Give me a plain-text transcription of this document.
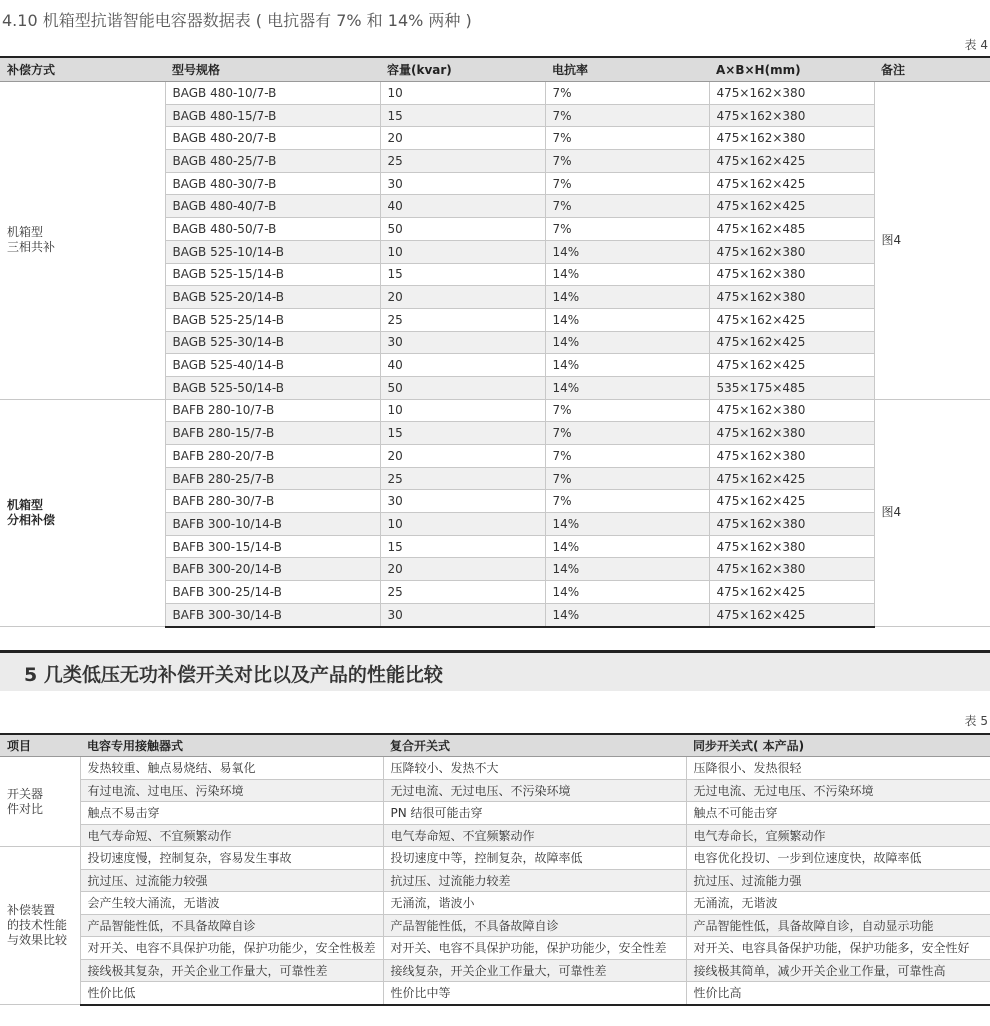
4.10 机箱型抗谐智能电容器数据表 ( 电抗器有 7% 和 14% 两种 )
表 4
补偿方式	型号规格	容量(kvar)	电抗率	A×B×H(mm)	备注
机箱型
三相共补	BAGB 480-10/7-B	10	7%	475×162×380	图4
	BAGB 480-15/7-B	15	7%	475×162×380	
	BAGB 480-20/7-B	20	7%	475×162×380	
	BAGB 480-25/7-B	25	7%	475×162×425	
	BAGB 480-30/7-B	30	7%	475×162×425	
	BAGB 480-40/7-B	40	7%	475×162×425	
	BAGB 480-50/7-B	50	7%	475×162×485	
	BAGB 525-10/14-B	10	14%	475×162×380	
	BAGB 525-15/14-B	15	14%	475×162×380	
	BAGB 525-20/14-B	20	14%	475×162×380	
	BAGB 525-25/14-B	25	14%	475×162×425	
	BAGB 525-30/14-B	30	14%	475×162×425	
	BAGB 525-40/14-B	40	14%	475×162×425	
	BAGB 525-50/14-B	50	14%	535×175×485	
机箱型
分相补偿	BAFB 280-10/7-B	10	7%	475×162×380	图4
	BAFB 280-15/7-B	15	7%	475×162×380	
	BAFB 280-20/7-B	20	7%	475×162×380	
	BAFB 280-25/7-B	25	7%	475×162×425	
	BAFB 280-30/7-B	30	7%	475×162×425	
	BAFB 300-10/14-B	10	14%	475×162×380	
	BAFB 300-15/14-B	15	14%	475×162×380	
	BAFB 300-20/14-B	20	14%	475×162×380	
	BAFB 300-25/14-B	25	14%	475×162×425	
	BAFB 300-30/14-B	30	14%	475×162×425	
5 几类低压无功补偿开关对比以及产品的性能比较
表 5
项目	电容专用接触器式	复合开关式	同步开关式( 本产品)
开关器
件对比	发热较重、触点易烧结、易氧化	压降较小、发热不大	压降很小、发热很轻
	有过电流、过电压、污染环境	无过电流、无过电压、不污染环境	无过电流、无过电压、不污染环境
	触点不易击穿	PN 结很可能击穿	触点不可能击穿
	电气寿命短、不宜频繁动作	电气寿命短、不宜频繁动作	电气寿命长，宜频繁动作
补偿装置
的技术性能
与效果比较	投切速度慢，控制复杂，容易发生事故	投切速度中等，控制复杂，故障率低	电容优化投切、一步到位速度快，故障率低
	抗过压、过流能力较强	抗过压、过流能力较差	抗过压、过流能力强
	会产生较大涌流，无谐波	无涌流，谐波小	无涌流，无谐波
	产品智能性低，不具备故障自诊	产品智能性低，不具备故障自诊	产品智能性低，具备故障自诊，自动显示功能
	对开关、电容不具保护功能，保护功能少，安全性极差	对开关、电容不具保护功能，保护功能少，安全性差	对开关、电容具备保护功能，保护功能多，安全性好
	接线极其复杂，开关企业工作量大，可靠性差	接线复杂，开关企业工作量大，可靠性差	接线极其简单，减少开关企业工作量，可靠性高
	性价比低	性价比中等	性价比高
